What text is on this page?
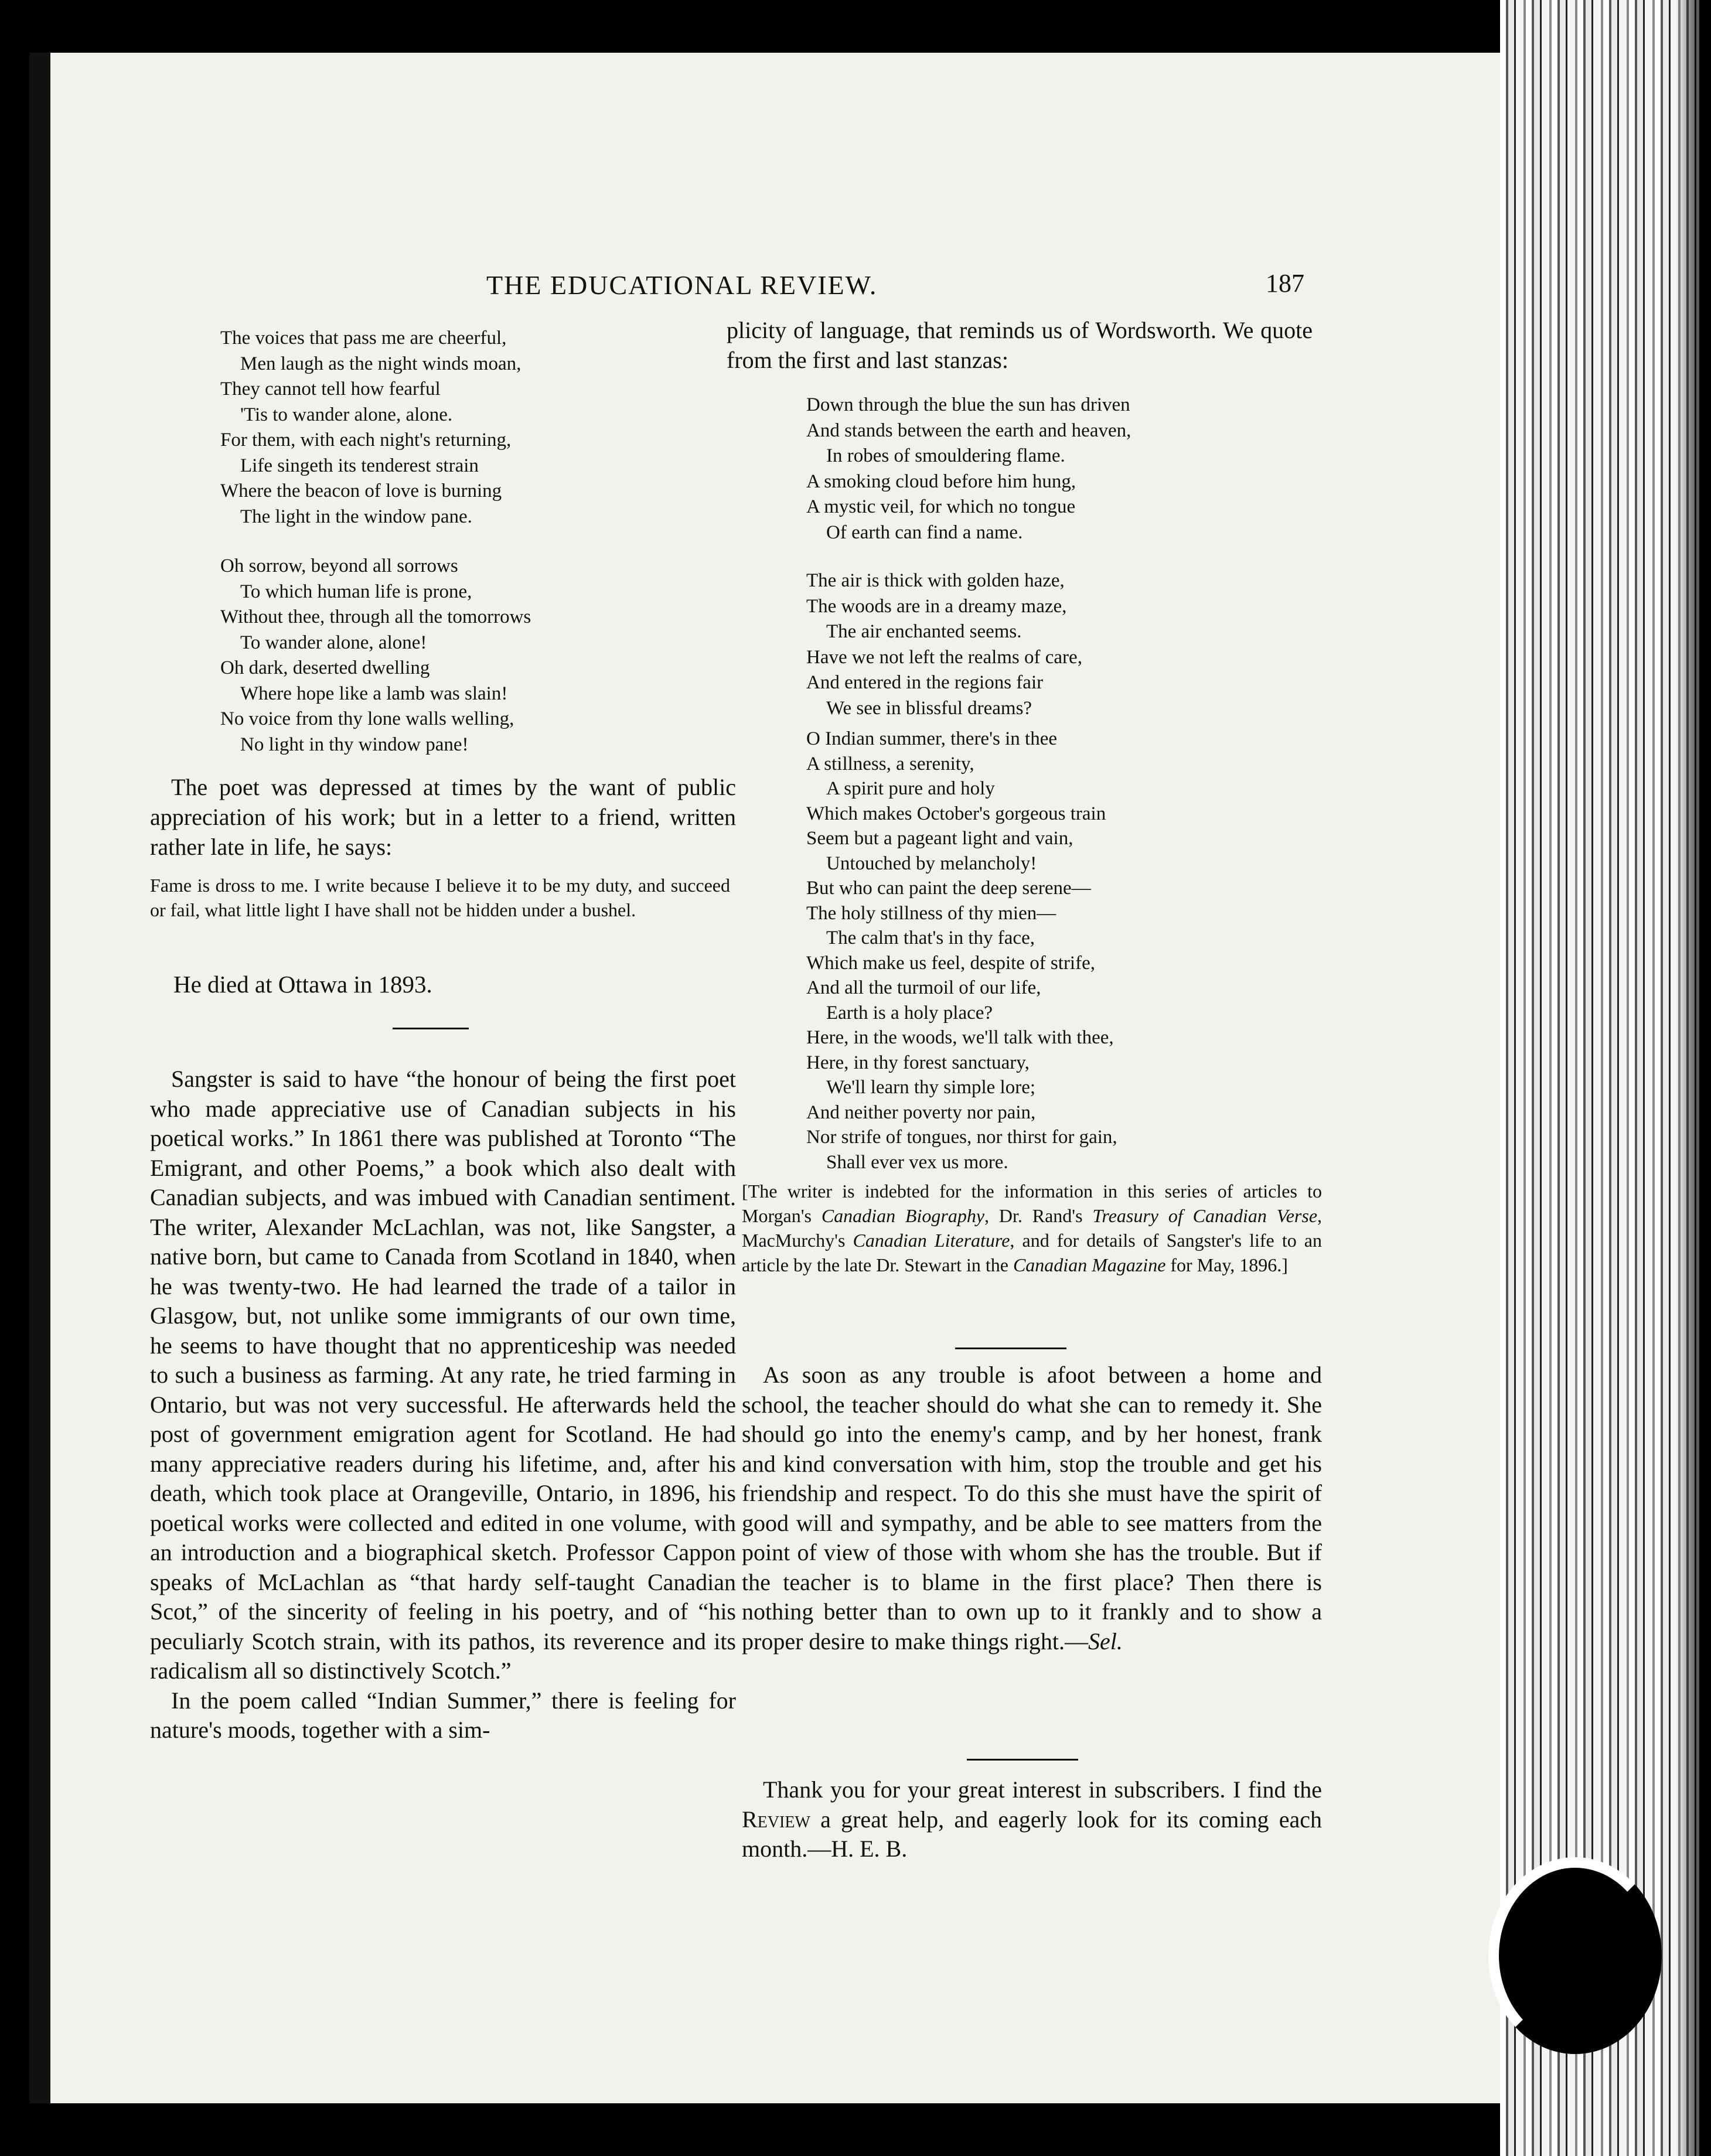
THE EDUCATIONAL REVIEW.	187
The voices that pass me are cheerful,
Men laugh as the night winds moan,
They cannot tell how fearful
'Tis to wander alone, alone.
For them, with each night's returning,
Life singeth its tenderest strain
Where the beacon of love is burning
The light in the window pane.
Oh sorrow, beyond all sorrows
To which human life is prone,
Without thee, through all the tomorrows
To wander alone, alone!
Oh dark, deserted dwelling
Where hope like a lamb was slain!
No voice from thy lone walls welling,
No light in thy window pane!

The poet was depressed at times by the want of public appreciation of his work; but in a letter to a friend, written rather late in life, he says:

Fame is dross to me. I write because I believe it to be my duty, and succeed or fail, what little light I have shall not be hidden under a bushel.
He died at Ottawa in 1893.

Sangster is said to have “the honour of being the first poet who made appreciative use of Canadian subjects in his poetical works.” In 1861 there was published at Toronto “The Emigrant, and other Poems,” a book which also dealt with Canadian subjects, and was imbued with Canadian sentiment. The writer, Alexander McLachlan, was not, like Sangster, a native born, but came to Canada from Scotland in 1840, when he was twenty-two. He had learned the trade of a tailor in Glasgow, but, not unlike some immigrants of our own time, he seems to have thought that no apprenticeship was needed to such a business as farming. At any rate, he tried farming in Ontario, but was not very successful. He afterwards held the post of government emigration agent for Scotland. He had many appreciative readers during his lifetime, and, after his death, which took place at Orangeville, Ontario, in 1896, his poetical works were collected and edited in one volume, with an introduction and a biographical sketch. Professor Cappon speaks of McLachlan as “that hardy self-taught Canadian Scot,” of the sincerity of feeling in his poetry, and of “his peculiarly Scotch strain, with its pathos, its reverence and its radicalism all so distinctively Scotch.”

In the poem called “Indian Summer,” there is feeling for nature's moods, together with a sim-

plicity of language, that reminds us of Wordsworth. We quote from the first and last stanzas:
Down through the blue the sun has driven
And stands between the earth and heaven,
In robes of smouldering flame.
A smoking cloud before him hung,
A mystic veil, for which no tongue
Of earth can find a name.
The air is thick with golden haze,
The woods are in a dreamy maze,
The air enchanted seems.
Have we not left the realms of care,
And entered in the regions fair
We see in blissful dreams?
O Indian summer, there's in thee
A stillness, a serenity,
A spirit pure and holy
Which makes October's gorgeous train
Seem but a pageant light and vain,
Untouched by melancholy!
But who can paint the deep serene—
The holy stillness of thy mien—
The calm that's in thy face,
Which make us feel, despite of strife,
And all the turmoil of our life,
Earth is a holy place?
Here, in the woods, we'll talk with thee,
Here, in thy forest sanctuary,
We'll learn thy simple lore;
And neither poverty nor pain,
Nor strife of tongues, nor thirst for gain,
Shall ever vex us more.
[The writer is indebted for the information in this series of articles to Morgan's Canadian Biography, Dr. Rand's Treasury of Canadian Verse, MacMurchy's Canadian Literature, and for details of Sangster's life to an article by the late Dr. Stewart in the Canadian Magazine for May, 1896.]

As soon as any trouble is afoot between a home and school, the teacher should do what she can to remedy it. She should go into the enemy's camp, and by her honest, frank and kind conversation with him, stop the trouble and get his friendship and respect. To do this she must have the spirit of good will and sympathy, and be able to see matters from the point of view of those with whom she has the trouble. But if the teacher is to blame in the first place? Then there is nothing better than to own up to it frankly and to show a proper desire to make things right.—Sel.

Thank you for your great interest in subscribers. I find the Review a great help, and eagerly look for its coming each month.—H. E. B.
